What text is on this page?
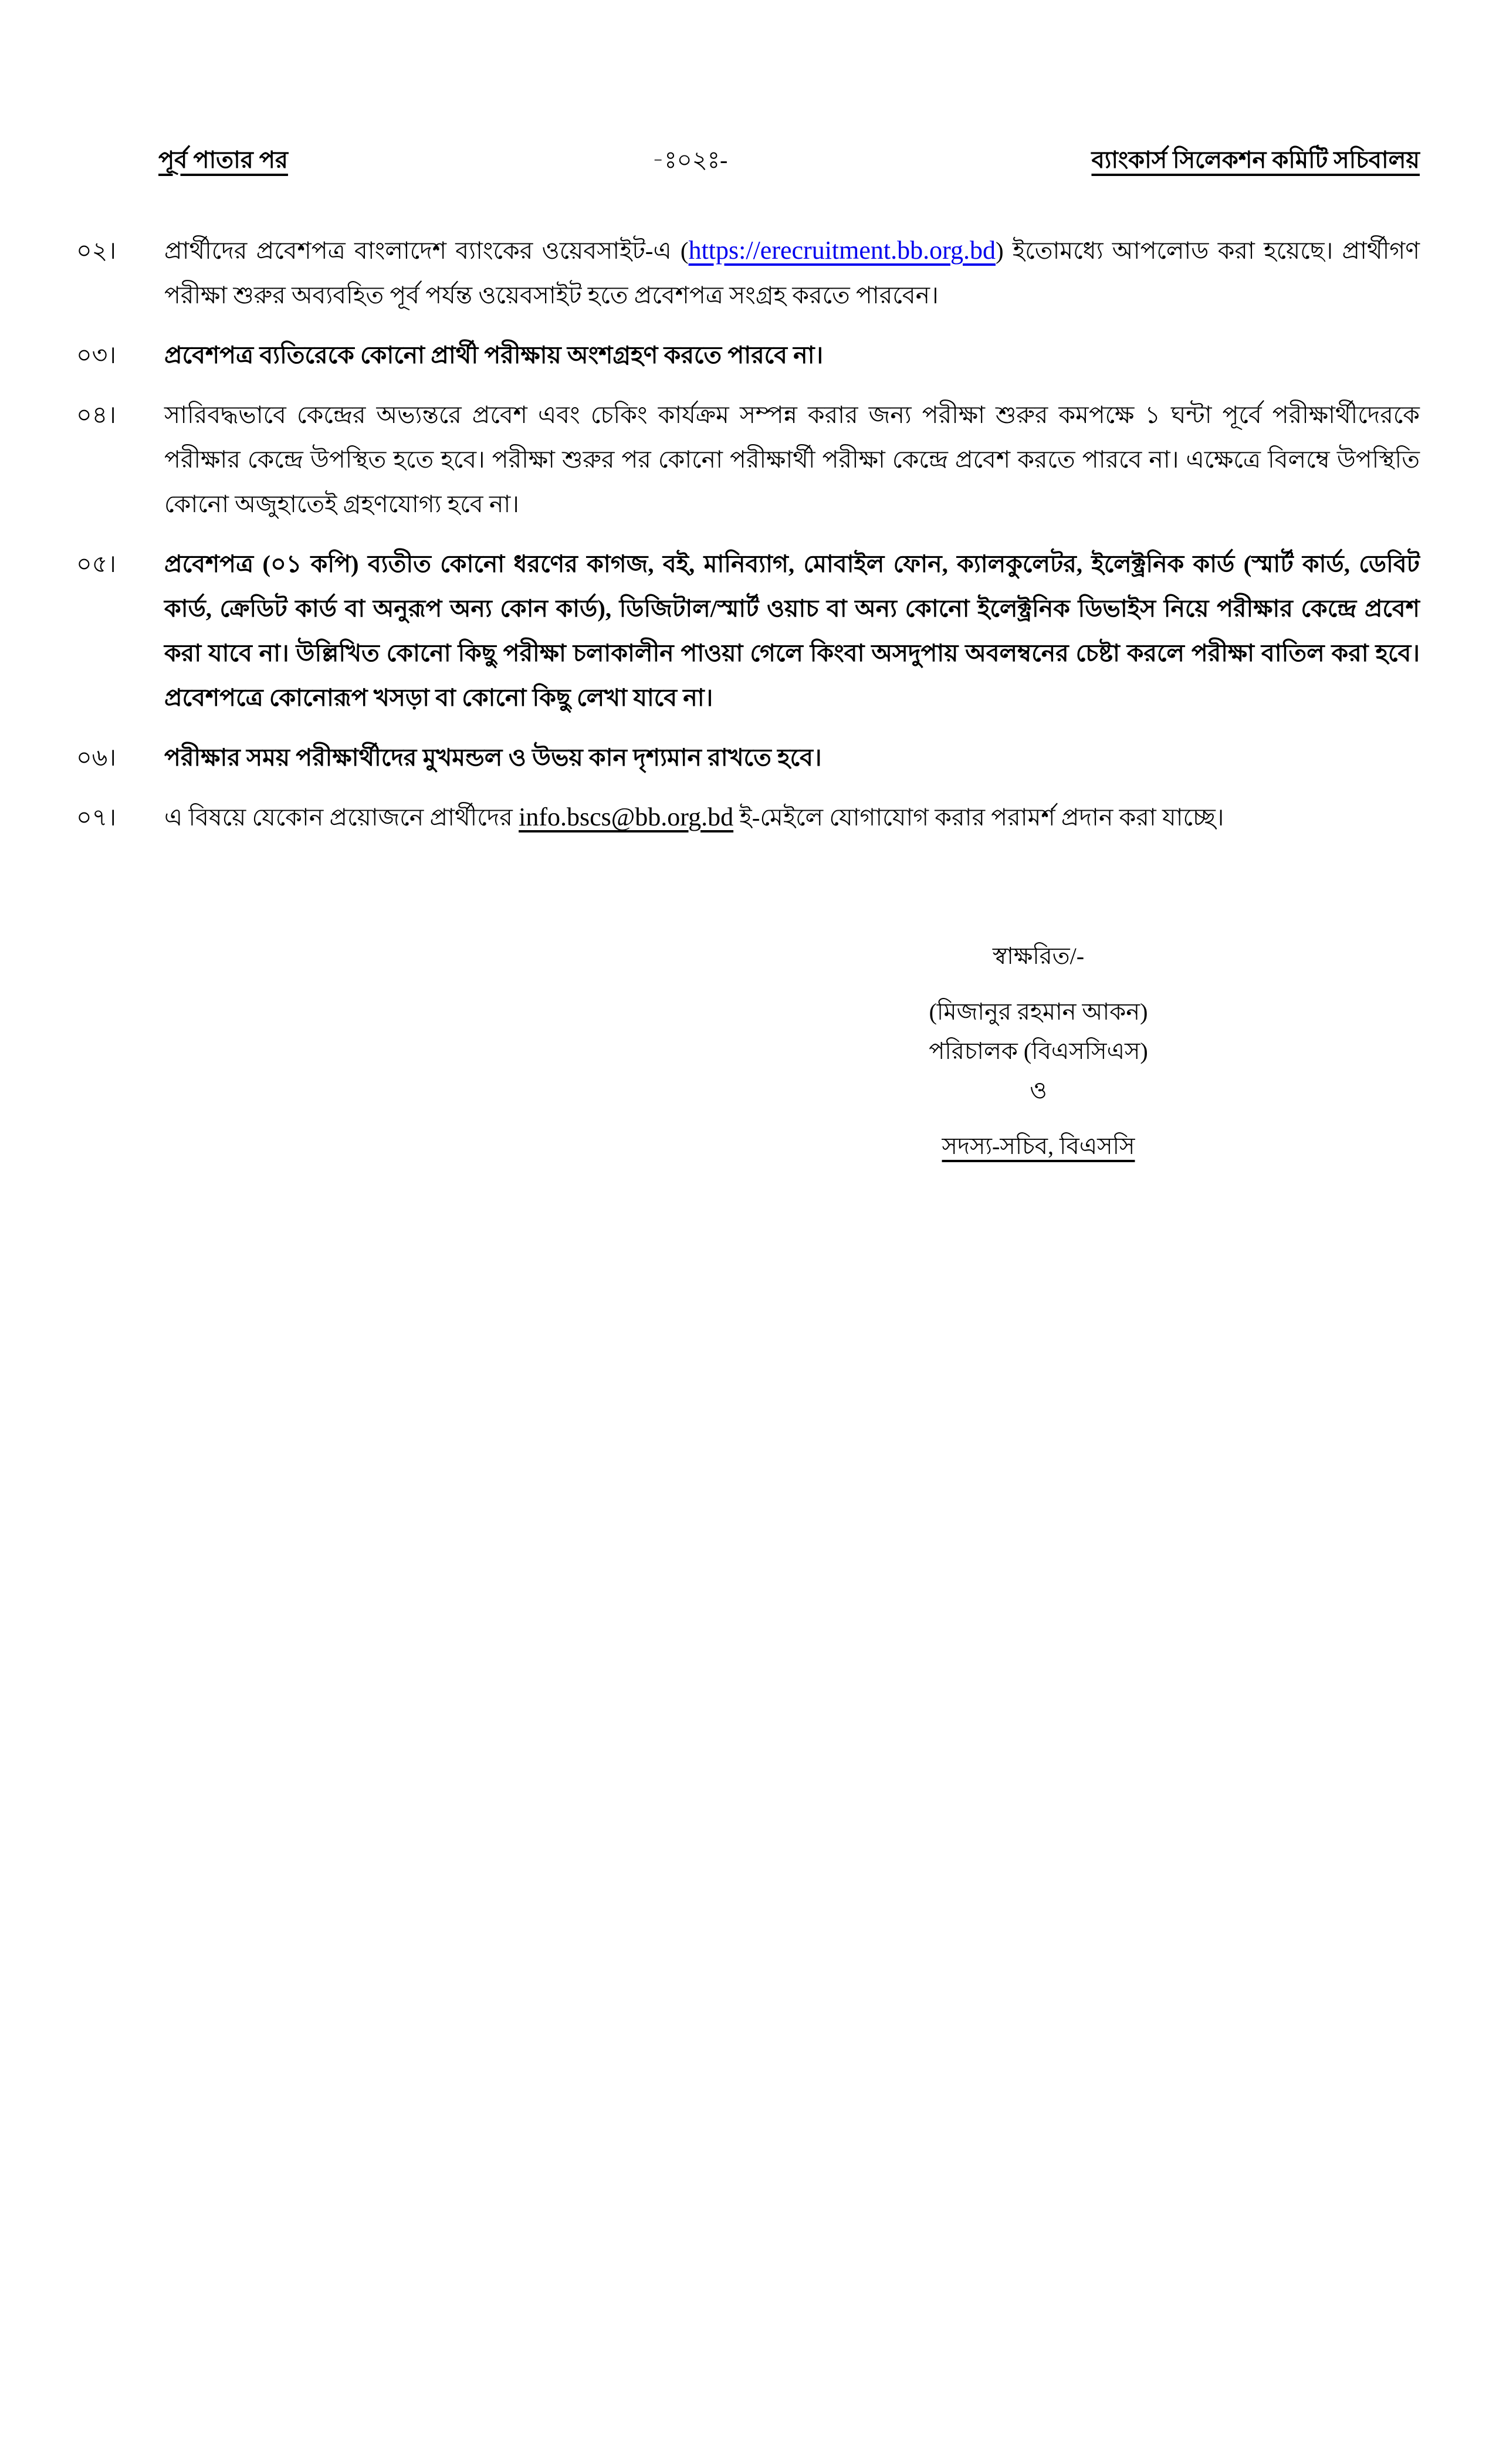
পূর্ব পাতার পর	-ঃ০২ঃ-	ব্যাংকার্স সিলেকশন কমিটি সচিবালয়
০২।	প্রার্থীদের প্রবেশপত্র বাংলাদেশ ব্যাংকের ওয়েবসাইট-এ (https://erecruitment.bb.org.bd) ইতোমধ্যে আপলোড করা হয়েছে। প্রার্থীগণ পরীক্ষা শুরুর অব্যবহিত পূর্ব পর্যন্ত ওয়েবসাইট হতে প্রবেশপত্র সংগ্রহ করতে পারবেন।
০৩।	প্রবেশপত্র ব্যতিরেকে কোনো প্রার্থী পরীক্ষায় অংশগ্রহণ করতে পারবে না।
০৪।	সারিবদ্ধভাবে কেন্দ্রের অভ্যন্তরে প্রবেশ এবং চেকিং কার্যক্রম সম্পন্ন করার জন্য পরীক্ষা শুরুর কমপক্ষে ১ ঘন্টা পূর্বে পরীক্ষার্থীদেরকে পরীক্ষার কেন্দ্রে উপস্থিত হতে হবে। পরীক্ষা শুরুর পর কোনো পরীক্ষার্থী পরীক্ষা কেন্দ্রে প্রবেশ করতে পারবে না। এক্ষেত্রে বিলম্বে উপস্থিতি কোনো অজুহাতেই গ্রহণযোগ্য হবে না।
০৫।	প্রবেশপত্র (০১ কপি) ব্যতীত কোনো ধরণের কাগজ, বই, মানিব্যাগ, মোবাইল ফোন, ক্যালকুলেটর, ইলেক্ট্রনিক কার্ড (স্মার্ট কার্ড, ডেবিট কার্ড, ক্রেডিট কার্ড বা অনুরূপ অন্য কোন কার্ড), ডিজিটাল/স্মার্ট ওয়াচ বা অন্য কোনো ইলেক্ট্রনিক ডিভাইস নিয়ে পরীক্ষার কেন্দ্রে প্রবেশ করা যাবে না। উল্লিখিত কোনো কিছু পরীক্ষা চলাকালীন পাওয়া গেলে কিংবা অসদুপায় অবলম্বনের চেষ্টা করলে পরীক্ষা বাতিল করা হবে। প্রবেশপত্রে কোনোরূপ খসড়া বা কোনো কিছু লেখা যাবে না।
০৬।	পরীক্ষার সময় পরীক্ষার্থীদের মুখমন্ডল ও উভয় কান দৃশ্যমান রাখতে হবে।
০৭।	এ বিষয়ে যেকোন প্রয়োজনে প্রার্থীদের info.bscs@bb.org.bd ই-মেইলে যোগাযোগ করার পরামর্শ প্রদান করা যাচ্ছে।
স্বাক্ষরিত/-
(মিজানুর রহমান আকন)
পরিচালক (বিএসসিএস)
ও
সদস্য-সচিব, বিএসসি
